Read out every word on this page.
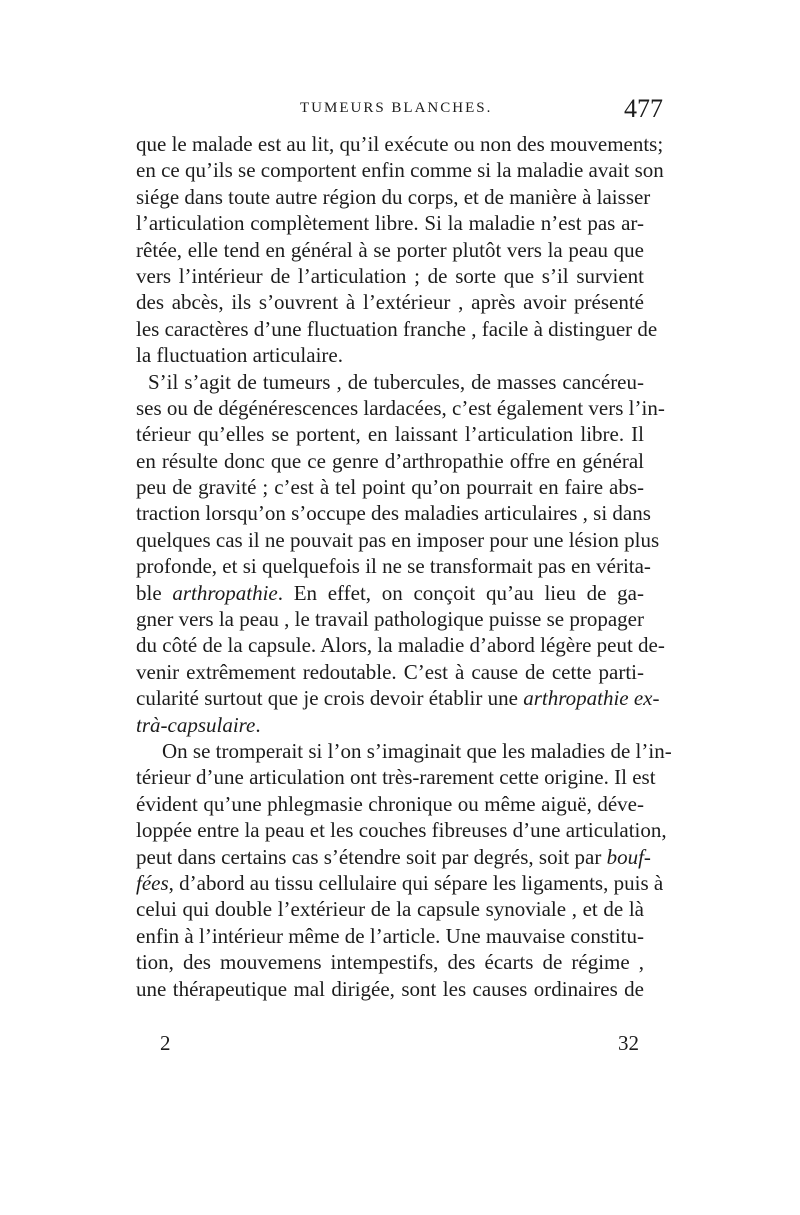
TUMEURS BLANCHES.	477
que le malade est au lit, qu’il exécute ou non des mouvements;
en ce qu’ils se comportent enfin comme si la maladie avait son
siége dans toute autre région du corps, et de manière à laisser
l’articulation complètement libre. Si la maladie n’est pas ar-
rêtée, elle tend en général à se porter plutôt vers la peau que
vers l’intérieur de l’articulation ; de sorte que s’il survient
des abcès, ils s’ouvrent à l’extérieur , après avoir présenté
les caractères d’une fluctuation franche , facile à distinguer de
la fluctuation articulaire.
S’il s’agit de tumeurs , de tubercules, de masses cancéreu-
ses ou de dégénérescences lardacées, c’est également vers l’in-
térieur qu’elles se portent, en laissant l’articulation libre. Il
en résulte donc que ce genre d’arthropathie offre en général
peu de gravité ; c’est à tel point qu’on pourrait en faire abs-
traction lorsqu’on s’occupe des maladies articulaires , si dans
quelques cas il ne pouvait pas en imposer pour une lésion plus
profonde, et si quelquefois il ne se transformait pas en vérita-
ble arthropathie. En effet, on conçoit qu’au lieu de ga-
gner vers la peau , le travail pathologique puisse se propager
du côté de la capsule. Alors, la maladie d’abord légère peut de-
venir extrêmement redoutable. C’est à cause de cette parti-
cularité surtout que je crois devoir établir une arthropathie ex-
trà-capsulaire.
On se tromperait si l’on s’imaginait que les maladies de l’in-
térieur d’une articulation ont très-rarement cette origine. Il est
évident qu’une phlegmasie chronique ou même aiguë, déve-
loppée entre la peau et les couches fibreuses d’une articulation,
peut dans certains cas s’étendre soit par degrés, soit par bouf-
fées, d’abord au tissu cellulaire qui sépare les ligaments, puis à
celui qui double l’extérieur de la capsule synoviale , et de là
enfin à l’intérieur même de l’article. Une mauvaise constitu-
tion, des mouvemens intempestifs, des écarts de régime ,
une thérapeutique mal dirigée, sont les causes ordinaires de
2	32
